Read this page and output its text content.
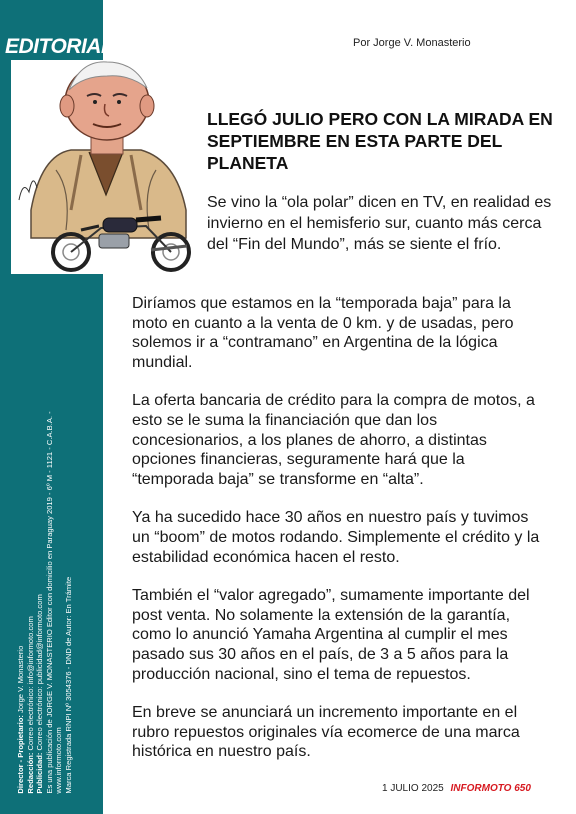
EDITORIAL
Director - Propietario: Jorge V. Monasterio
Redacción: Correo electrónico: info@informoto.com
Publicidad: Correo electrónico: publicidad@informoto.com Es una publicación de JORGE V. MONASTERIO Editor con domicilio en Paraguay 2019 - 6º M - 1121 - C.A.B.A. - www.informoto.com Marca Registrada RNPI Nº 3054376 - DND de Autor: En Trámite
Por Jorge V. Monasterio
LLEGÓ JULIO PERO CON LA MIRADA EN SEPTIEMBRE EN ESTA PARTE DEL PLANETA
Se vino la “ola polar” dicen en TV, en realidad es invierno en el hemisferio sur, cuanto más cerca del “Fin del Mundo”, más se siente el frío.

Diríamos que estamos en la “temporada baja” para la moto en cuanto a la venta de 0 km. y de usadas, pero solemos ir a “contramano” en Argentina de la lógica mundial.

La oferta bancaria de crédito para la compra de motos, a esto se le suma la financiación que dan los concesionarios, a los planes de ahorro, a distintas opciones financieras, seguramente hará que la “temporada baja” se transforme en “alta”.

Ya ha sucedido hace 30 años en nuestro país y tuvimos un “boom” de motos rodando. Simplemente el crédito y la estabilidad económica hacen el resto.

También el “valor agregado”, sumamente importante del post venta. No solamente la extensión de la garantía, como lo anunció Yamaha Argentina al cumplir el mes pasado sus 30 años en el país, de 3 a 5 años para la producción nacional, sino el tema de repuestos.

En breve se anunciará un incremento importante en el rubro repuestos originales vía ecomerce de una marca histórica en nuestro país.

1 JULIO 2025 INFORMOTO 650
